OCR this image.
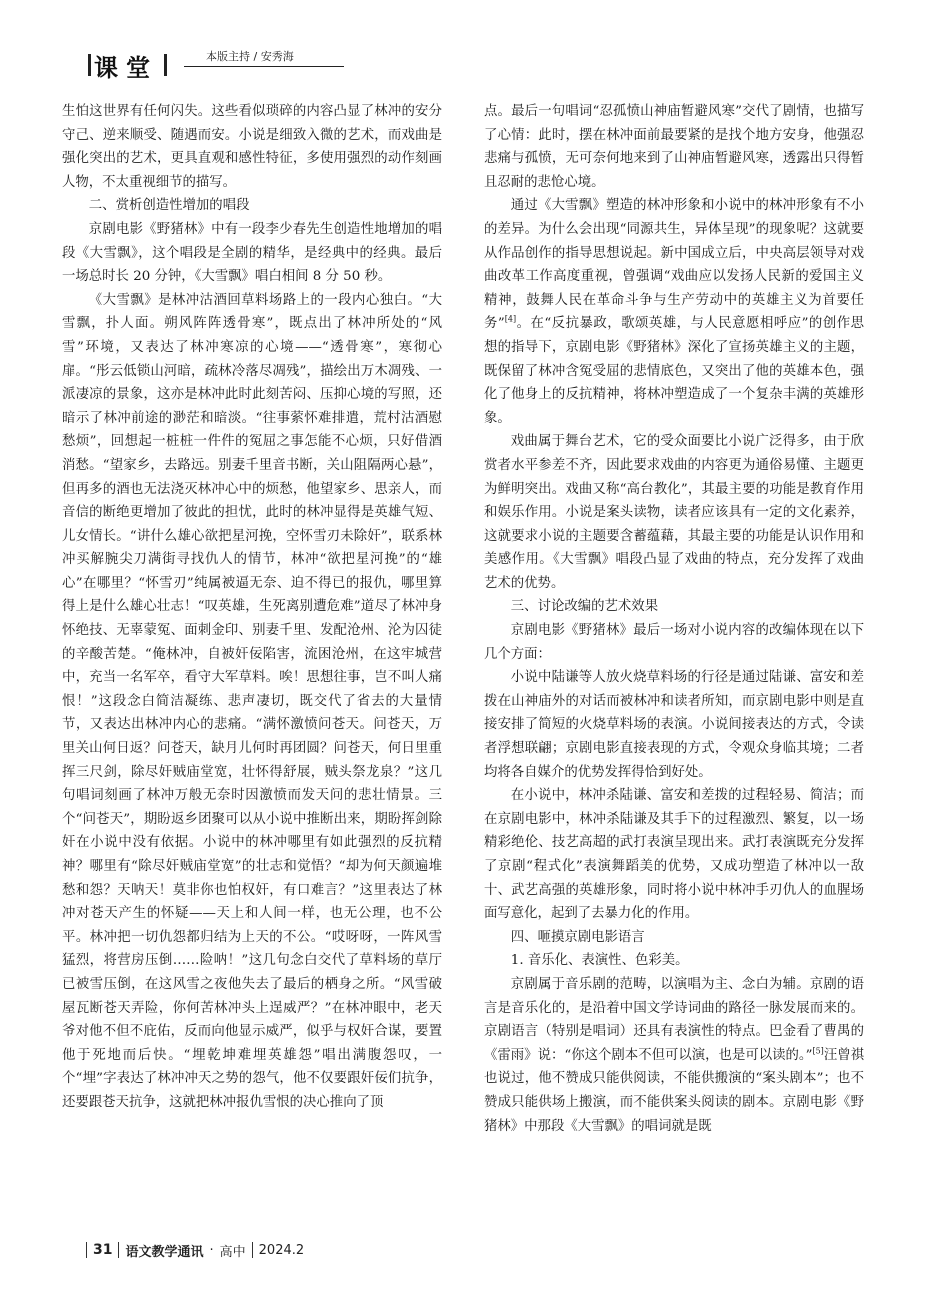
课堂	本版主持 / 安秀海

生怕这世界有任何闪失。这些看似琐碎的内容凸显了林冲的安分守己、逆来顺受、随遇而安。小说是细致入微的艺术，而戏曲是强化突出的艺术，更具直观和感性特征，多使用强烈的动作刻画人物，不太重视细节的描写。

二、赏析创造性增加的唱段

京剧电影《野猪林》中有一段李少春先生创造性地增加的唱段《大雪飘》，这个唱段是全剧的精华，是经典中的经典。最后一场总时长 20 分钟，《大雪飘》唱白相间 8 分 50 秒。

《大雪飘》是林冲沽酒回草料场路上的一段内心独白。“大雪飘，扑人面。朔风阵阵透骨寒”，既点出了林冲所处的“风雪”环境，又表达了林冲寒凉的心境——“透骨寒”，寒彻心扉。“彤云低锁山河暗，疏林冷落尽凋残”，描绘出万木凋残、一派凄凉的景象，这亦是林冲此时此刻苦闷、压抑心境的写照，还暗示了林冲前途的渺茫和暗淡。“往事萦怀难排遣，荒村沽酒慰愁烦”，回想起一桩桩一件件的冤屈之事怎能不心烦，只好借酒消愁。“望家乡，去路远。别妻千里音书断，关山阻隔两心悬”，但再多的酒也无法浇灭林冲心中的烦愁，他望家乡、思亲人，而音信的断绝更增加了彼此的担忧，此时的林冲显得是英雄气短、儿女情长。“讲什么雄心欲把星河挽，空怀雪刃未除奸”，联系林冲买解腕尖刀满街寻找仇人的情节，林冲“欲把星河挽”的“雄心”在哪里？“怀雪刃”纯属被逼无奈、迫不得已的报仇，哪里算得上是什么雄心壮志！“叹英雄，生死离别遭危难”道尽了林冲身怀绝技、无辜蒙冤、面刺金印、别妻千里、发配沧州、沦为囚徒的辛酸苦楚。“俺林冲，自被奸佞陷害，流困沧州，在这牢城营中，充当一名军卒，看守大军草料。唉！思想往事，岂不叫人痛恨！”这段念白简洁凝练、悲声凄切，既交代了省去的大量情节，又表达出林冲内心的悲痛。“满怀激愤问苍天。问苍天，万里关山何日返？问苍天，缺月儿何时再团圆？问苍天，何日里重挥三尺剑，除尽奸贼庙堂宽，壮怀得舒展，贼头祭龙泉？”这几句唱词刻画了林冲万般无奈时因激愤而发天问的悲壮情景。三个“问苍天”，期盼返乡团聚可以从小说中推断出来，期盼挥剑除奸在小说中没有依据。小说中的林冲哪里有如此强烈的反抗精神？哪里有“除尽奸贼庙堂宽”的壮志和觉悟？“却为何天颜遍堆愁和怨？天呐天！莫非你也怕权奸，有口难言？”这里表达了林冲对苍天产生的怀疑——天上和人间一样，也无公理，也不公平。林冲把一切仇怨都归结为上天的不公。“哎呀呀，一阵风雪猛烈，将营房压倒……险呐！”这几句念白交代了草料场的草厅已被雪压倒，在这风雪之夜他失去了最后的栖身之所。“风雪破屋瓦断苍天弄险，你何苦林冲头上逞威严？”在林冲眼中，老天爷对他不但不庇佑，反而向他显示威严，似乎与权奸合谋，要置他于死地而后快。“埋乾坤难埋英雄怨”唱出满腹怨叹，一个“埋”字表达了林冲冲天之势的怨气，他不仅要跟奸佞们抗争，还要跟苍天抗争，这就把林冲报仇雪恨的决心推向了顶

点。最后一句唱词“忍孤愤山神庙暂避风寒”交代了剧情，也描写了心情：此时，摆在林冲面前最要紧的是找个地方安身，他强忍悲痛与孤愤，无可奈何地来到了山神庙暂避风寒，透露出只得暂且忍耐的悲怆心境。

通过《大雪飘》塑造的林冲形象和小说中的林冲形象有不小的差异。为什么会出现“同源共生，异体呈现”的现象呢？这就要从作品创作的指导思想说起。新中国成立后，中央高层领导对戏曲改革工作高度重视，曾强调“戏曲应以发扬人民新的爱国主义精神，鼓舞人民在革命斗争与生产劳动中的英雄主义为首要任务”[4]。在“反抗暴政，歌颂英雄，与人民意愿相呼应”的创作思想的指导下，京剧电影《野猪林》深化了宣扬英雄主义的主题，既保留了林冲含冤受屈的悲情底色，又突出了他的英雄本色，强化了他身上的反抗精神，将林冲塑造成了一个复杂丰满的英雄形象。

戏曲属于舞台艺术，它的受众面要比小说广泛得多，由于欣赏者水平参差不齐，因此要求戏曲的内容更为通俗易懂、主题更为鲜明突出。戏曲又称“高台教化”，其最主要的功能是教育作用和娱乐作用。小说是案头读物，读者应该具有一定的文化素养，这就要求小说的主题要含蓄蕴藉，其最主要的功能是认识作用和美感作用。《大雪飘》唱段凸显了戏曲的特点，充分发挥了戏曲艺术的优势。

三、讨论改编的艺术效果

京剧电影《野猪林》最后一场对小说内容的改编体现在以下几个方面：

小说中陆谦等人放火烧草料场的行径是通过陆谦、富安和差拨在山神庙外的对话而被林冲和读者所知，而京剧电影中则是直接安排了简短的火烧草料场的表演。小说间接表达的方式，令读者浮想联翩；京剧电影直接表现的方式，令观众身临其境；二者均将各自媒介的优势发挥得恰到好处。

在小说中，林冲杀陆谦、富安和差拨的过程轻易、简洁；而在京剧电影中，林冲杀陆谦及其手下的过程激烈、繁复，以一场精彩绝伦、技艺高超的武打表演呈现出来。武打表演既充分发挥了京剧“程式化”表演舞蹈美的优势，又成功塑造了林冲以一敌十、武艺高强的英雄形象，同时将小说中林冲手刃仇人的血腥场面写意化，起到了去暴力化的作用。

四、咂摸京剧电影语言

1. 音乐化、表演性、色彩美。

京剧属于音乐剧的范畴，以演唱为主、念白为辅。京剧的语言是音乐化的，是沿着中国文学诗词曲的路径一脉发展而来的。京剧语言（特别是唱词）还具有表演性的特点。巴金看了曹禺的《雷雨》说：“你这个剧本不但可以演，也是可以读的。”[5]汪曾祺也说过，他不赞成只能供阅读，不能供搬演的“案头剧本”；也不赞成只能供场上搬演，而不能供案头阅读的剧本。京剧电影《野猪林》中那段《大雪飘》的唱词就是既

31 语文教学通讯 · 高中 2024.2
